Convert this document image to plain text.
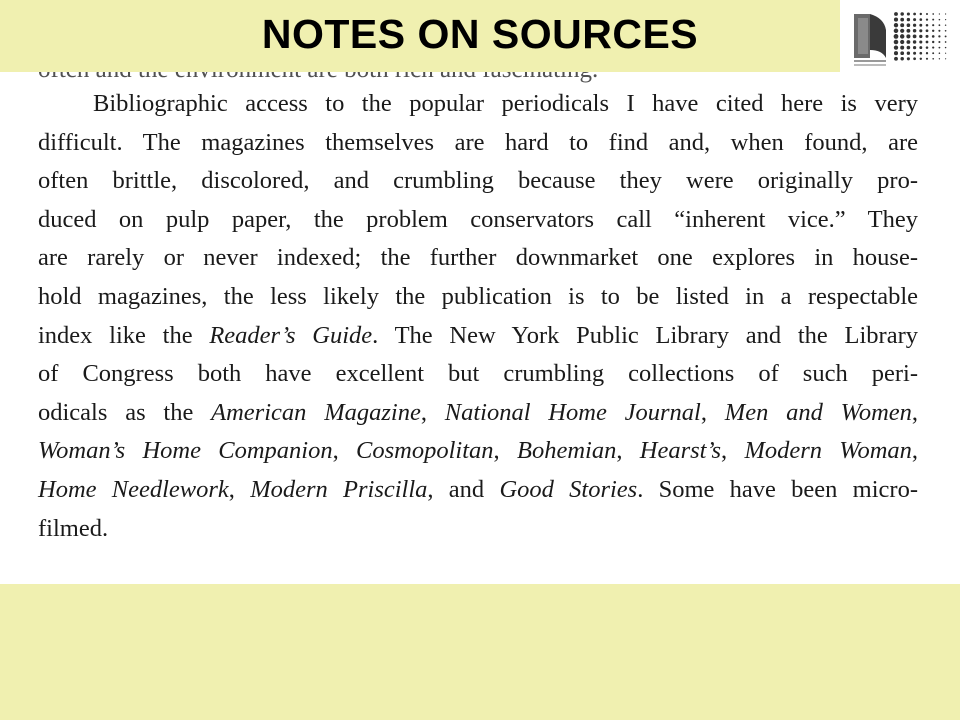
NOTES ON SOURCES
Bibliographic access to the popular periodicals I have cited here is very
difficult. The magazines themselves are hard to find and, when found, are
often brittle, discolored, and crumbling because they were originally pro-
duced on pulp paper, the problem conservators call “inherent vice.” They
are rarely or never indexed; the further downmarket one explores in house-
hold magazines, the less likely the publication is to be listed in a respectable
index like the Reader’s Guide. The New York Public Library and the Library
of Congress both have excellent but crumbling collections of such peri-
odicals as the American Magazine, National Home Journal, Men and Women,
Woman’s Home Companion, Cosmopolitan, Bohemian, Hearst’s, Modern Woman,
Home Needlework, Modern Priscilla, and Good Stories. Some have been micro-
filmed.
